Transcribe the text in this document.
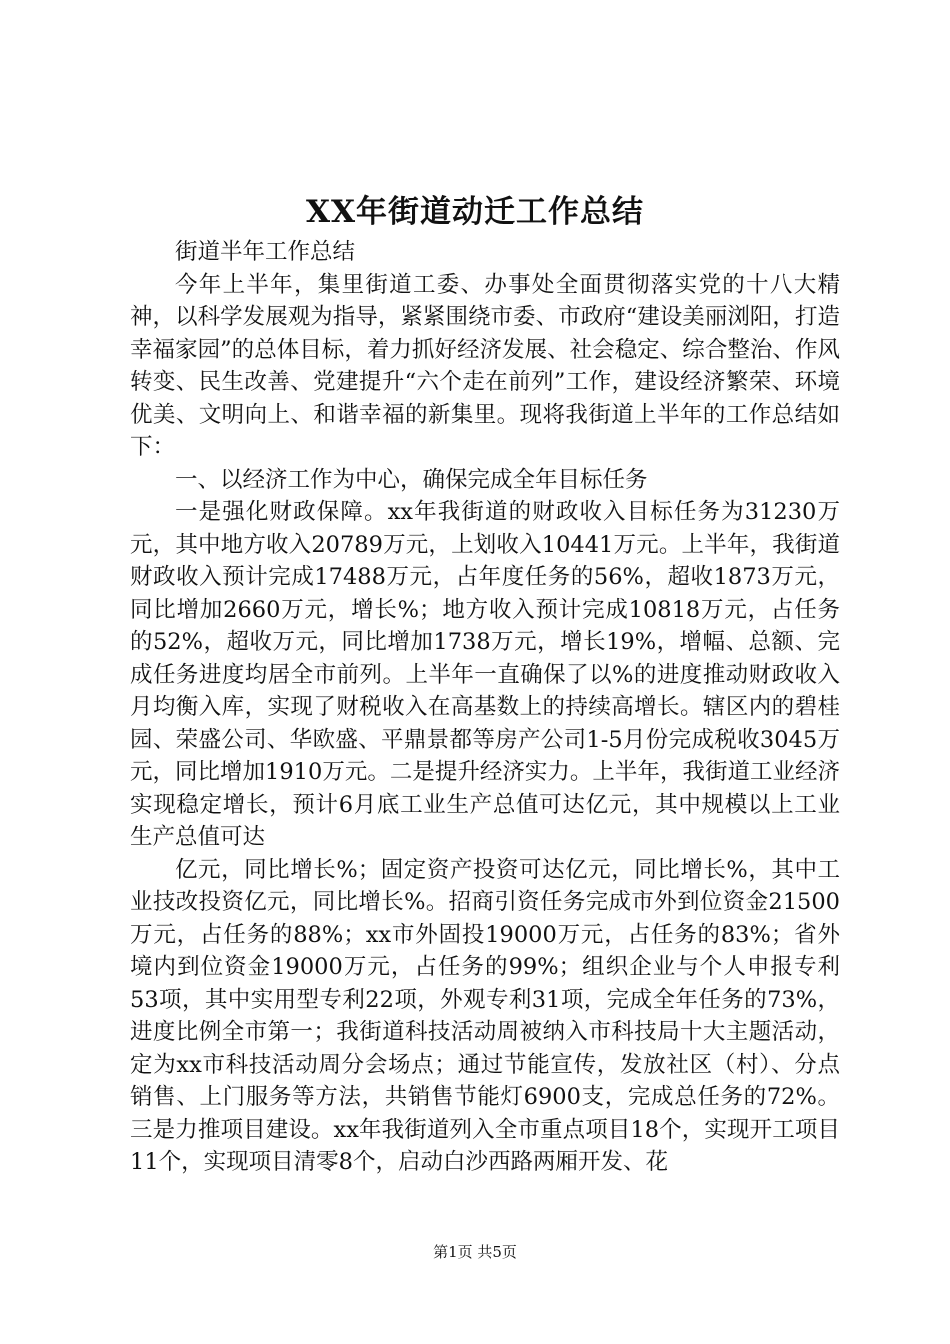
XX年街道动迁工作总结

街道半年工作总结

今年上半年，集里街道工委、办事处全面贯彻落实党的十八大精神，以科学发展观为指导，紧紧围绕市委、市政府“建设美丽浏阳，打造幸福家园”的总体目标，着力抓好经济发展、社会稳定、综合整治、作风转变、民生改善、党建提升“六个走在前列”工作，建设经济繁荣、环境优美、文明向上、和谐幸福的新集里。现将我街道上半年的工作总结如下：

一、以经济工作为中心，确保完成全年目标任务

一是强化财政保障。xx年我街道的财政收入目标任务为31230万元，其中地方收入20789万元，上划收入10441万元。上半年，我街道财政收入预计完成17488万元，占年度任务的56%，超收1873万元，同比增加2660万元，增长%；地方收入预计完成10818万元，占任务的52%，超收万元，同比增加1738万元，增长19%，增幅、总额、完成任务进度均居全市前列。上半年一直确保了以%的进度推动财政收入月均衡入库，实现了财税收入在高基数上的持续高增长。辖区内的碧桂园、荣盛公司、华欧盛、平鼎景都等房产公司1-5月份完成税收3045万元，同比增加1910万元。二是提升经济实力。上半年，我街道工业经济实现稳定增长，预计6月底工业生产总值可达亿元，其中规模以上工业生产总值可达

亿元，同比增长%；固定资产投资可达亿元，同比增长%，其中工业技改投资亿元，同比增长%。招商引资任务完成市外到位资金21500万元，占任务的88%；xx市外固投19000万元，占任务的83%；省外境内到位资金19000万元，占任务的99%；组织企业与个人申报专利53项，其中实用型专利22项，外观专利31项，完成全年任务的73%，进度比例全市第一；我街道科技活动周被纳入市科技局十大主题活动，定为xx市科技活动周分会场点；通过节能宣传，发放社区（村）、分点销售、上门服务等方法，共销售节能灯6900支，完成总任务的72%。三是力推项目建设。xx年我街道列入全市重点项目18个，实现开工项目11个，实现项目清零8个，启动白沙西路两厢开发、花

第1页 共5页
